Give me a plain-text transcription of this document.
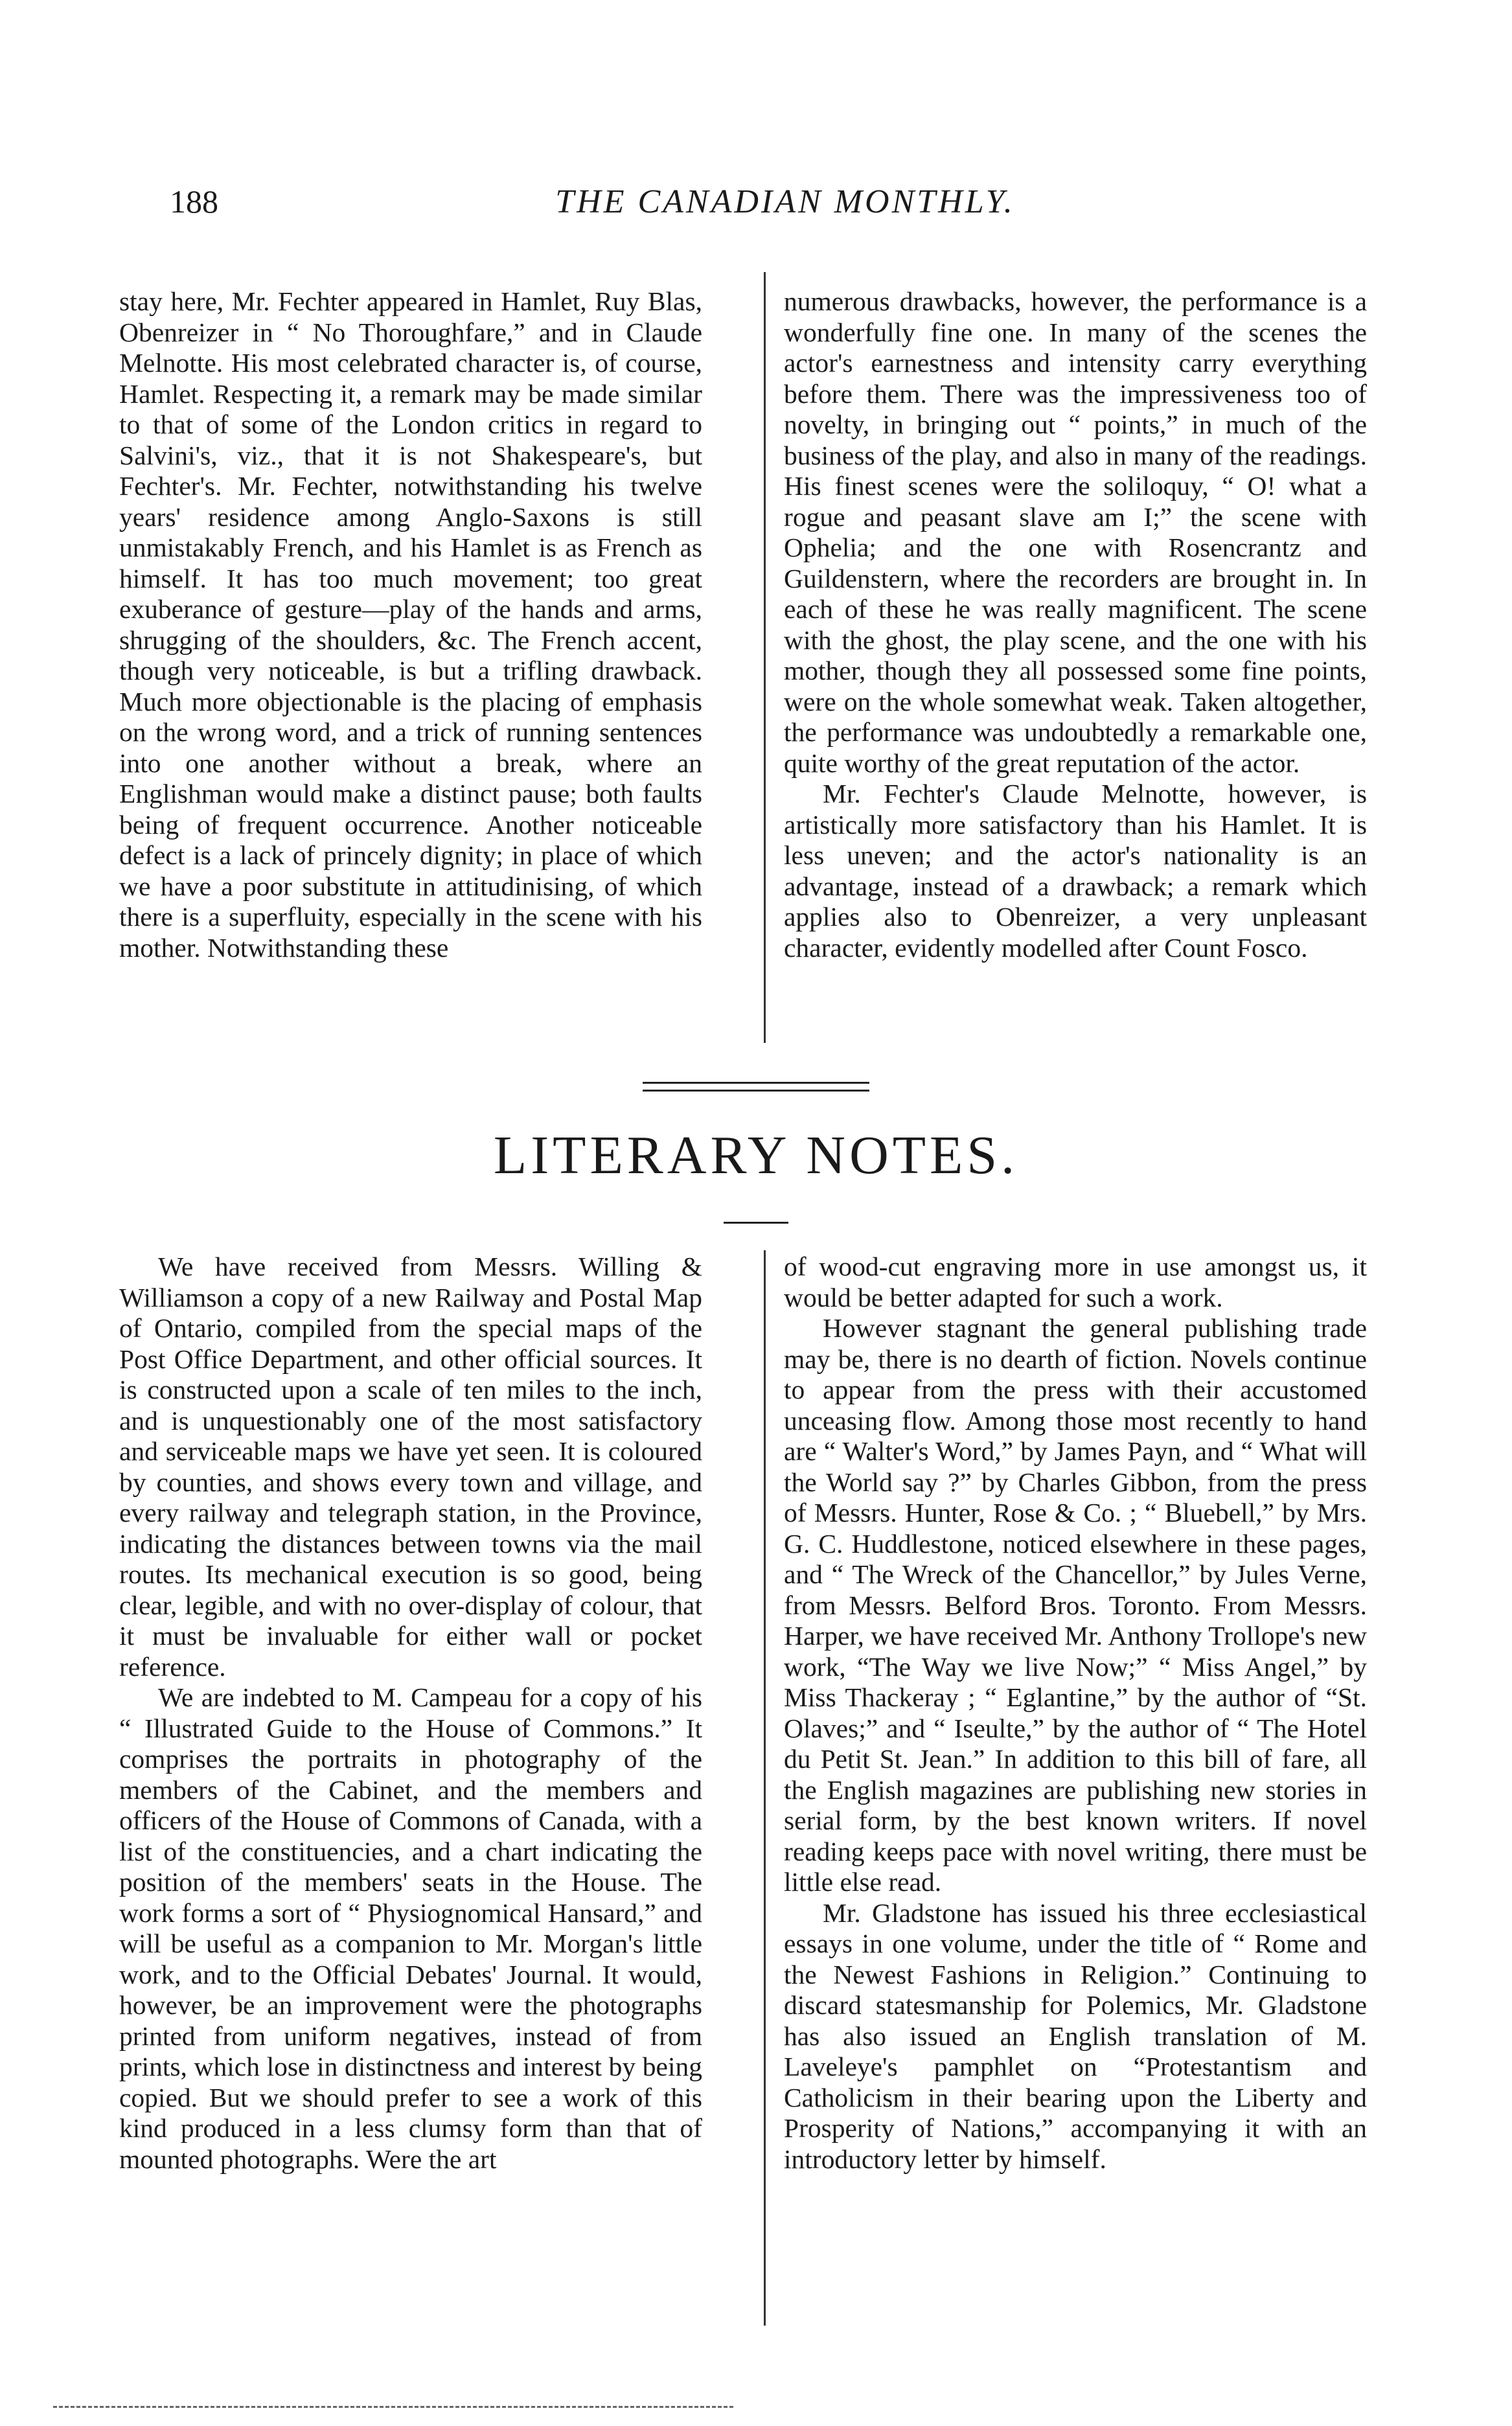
188	THE CANADIAN MONTHLY.

stay here, Mr. Fechter appeared in Hamlet, Ruy Blas, Obenreizer in “ No Thoroughfare,” and in Claude Melnotte. His most celebrated character is, of course, Hamlet. Respecting it, a remark may be made similar to that of some of the London critics in regard to Salvini's, viz., that it is not Shakespeare's, but Fechter's. Mr. Fechter, notwithstanding his twelve years' residence among Anglo-Saxons is still unmistakably French, and his Hamlet is as French as himself. It has too much movement; too great exuberance of gesture—play of the hands and arms, shrugging of the shoulders, &c. The French accent, though very noticeable, is but a trifling drawback. Much more objectionable is the placing of emphasis on the wrong word, and a trick of running sentences into one another without a break, where an Englishman would make a distinct pause; both faults being of frequent occurrence. Another noticeable defect is a lack of princely dignity; in place of which we have a poor substitute in attitudinising, of which there is a superfluity, especially in the scene with his mother. Notwithstanding these

numerous drawbacks, however, the performance is a wonderfully fine one. In many of the scenes the actor's earnestness and intensity carry everything before them. There was the impressiveness too of novelty, in bringing out “ points,” in much of the business of the play, and also in many of the readings. His finest scenes were the soliloquy, “ O! what a rogue and peasant slave am I;” the scene with Ophelia; and the one with Rosencrantz and Guildenstern, where the recorders are brought in. In each of these he was really magnificent. The scene with the ghost, the play scene, and the one with his mother, though they all possessed some fine points, were on the whole somewhat weak. Taken altogether, the performance was undoubtedly a remarkable one, quite worthy of the great reputation of the actor.

Mr. Fechter's Claude Melnotte, however, is artistically more satisfactory than his Hamlet. It is less uneven; and the actor's nationality is an advantage, instead of a drawback; a remark which applies also to Obenreizer, a very unpleasant character, evidently modelled after Count Fosco.

LITERARY NOTES.

We have received from Messrs. Willing & Williamson a copy of a new Railway and Postal Map of Ontario, compiled from the special maps of the Post Office Department, and other official sources. It is constructed upon a scale of ten miles to the inch, and is unquestionably one of the most satisfactory and serviceable maps we have yet seen. It is coloured by counties, and shows every town and village, and every railway and telegraph station, in the Province, indicating the distances between towns via the mail routes. Its mechanical execution is so good, being clear, legible, and with no over-display of colour, that it must be invaluable for either wall or pocket reference.

We are indebted to M. Campeau for a copy of his “ Illustrated Guide to the House of Commons.” It comprises the portraits in photography of the members of the Cabinet, and the members and officers of the House of Commons of Canada, with a list of the constituencies, and a chart indicating the position of the members' seats in the House. The work forms a sort of “ Physiognomical Hansard,” and will be useful as a companion to Mr. Morgan's little work, and to the Official Debates' Journal. It would, however, be an improvement were the photographs printed from uniform negatives, instead of from prints, which lose in distinctness and interest by being copied. But we should prefer to see a work of this kind produced in a less clumsy form than that of mounted photographs. Were the art

of wood-cut engraving more in use amongst us, it would be better adapted for such a work.

However stagnant the general publishing trade may be, there is no dearth of fiction. Novels continue to appear from the press with their accustomed unceasing flow. Among those most recently to hand are “ Walter's Word,” by James Payn, and “ What will the World say ?” by Charles Gibbon, from the press of Messrs. Hunter, Rose & Co. ; “ Bluebell,” by Mrs. G. C. Huddlestone, noticed elsewhere in these pages, and “ The Wreck of the Chancellor,” by Jules Verne, from Messrs. Belford Bros. Toronto. From Messrs. Harper, we have received Mr. Anthony Trollope's new work, “The Way we live Now;” “ Miss Angel,” by Miss Thackeray ; “ Eglantine,” by the author of “St. Olaves;” and “ Iseulte,” by the author of “ The Hotel du Petit St. Jean.” In addition to this bill of fare, all the English magazines are publishing new stories in serial form, by the best known writers. If novel reading keeps pace with novel writing, there must be little else read.

Mr. Gladstone has issued his three ecclesiastical essays in one volume, under the title of “ Rome and the Newest Fashions in Religion.” Continuing to discard statesmanship for Polemics, Mr. Gladstone has also issued an English translation of M. Laveleye's pamphlet on “Protestantism and Catholicism in their bearing upon the Liberty and Prosperity of Nations,” accompanying it with an introductory letter by himself.
